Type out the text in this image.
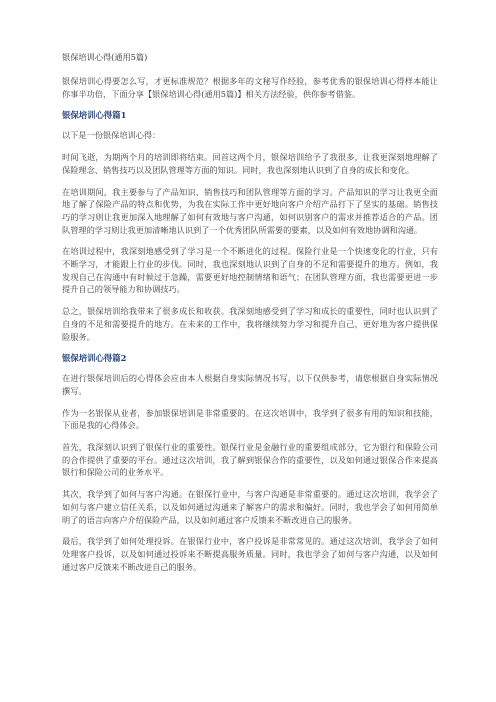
银保培训心得(通用5篇)

银保培训心得要怎么写，才更标准规范？根据多年的文秘写作经验，参考优秀的银保培训心得样本能让你事半功倍，下面分享【银保培训心得(通用5篇)】相关方法经验，供你参考借鉴。

银保培训心得篇1

以下是一份银保培训心得：

时间飞逝，为期两个月的培训即将结束。回首这两个月，银保培训给予了我很多，让我更深刻地理解了保险理念、销售技巧以及团队管理等方面的知识。同时，我也深刻地认识到了自身的成长和变化。

在培训期间，我主要参与了产品知识、销售技巧和团队管理等方面的学习。产品知识的学习让我更全面地了解了保险产品的特点和优势，为我在实际工作中更好地向客户介绍产品打下了坚实的基础。销售技巧的学习则让我更加深入地理解了如何有效地与客户沟通，如何识别客户的需求并推荐适合的产品。团队管理的学习则让我更加清晰地认识到了一个优秀团队所需要的要素，以及如何有效地协调和沟通。

在培训过程中，我深刻地感受到了学习是一个不断进化的过程。保险行业是一个快速变化的行业，只有不断学习，才能跟上行业的步伐。同时，我也深刻地认识到了自身的不足和需要提升的地方。例如，我发现自己在沟通中有时候过于急躁，需要更好地控制情绪和语气；在团队管理方面，我也需要更进一步提升自己的领导能力和协调技巧。

总之，银保培训给我带来了很多成长和收获。我深刻地感受到了学习和成长的重要性，同时也认识到了自身的不足和需要提升的地方。在未来的工作中，我将继续努力学习和提升自己，更好地为客户提供保险服务。

银保培训心得篇2

在进行银保培训后的心得体会应由本人根据自身实际情况书写，以下仅供参考，请您根据自身实际情况撰写。

作为一名银保从业者，参加银保培训是非常重要的。在这次培训中，我学到了很多有用的知识和技能，下面是我的心得体会。

首先，我深刻认识到了银保行业的重要性。银保行业是金融行业的重要组成部分，它为银行和保险公司的合作提供了重要的平台。通过这次培训，我了解到银保合作的重要性，以及如何通过银保合作来提高银行和保险公司的业务水平。

其次，我学到了如何与客户沟通。在银保行业中，与客户沟通是非常重要的。通过这次培训，我学会了如何与客户建立信任关系，以及如何通过沟通来了解客户的需求和偏好。同时，我也学会了如何用简单明了的语言向客户介绍保险产品，以及如何通过客户反馈来不断改进自己的服务。

最后，我学到了如何处理投诉。在银保行业中，客户投诉是非常常见的。通过这次培训，我学会了如何处理客户投诉，以及如何通过投诉来不断提高服务质量。同时，我也学会了如何与客户沟通，以及如何通过客户反馈来不断改进自己的服务。
